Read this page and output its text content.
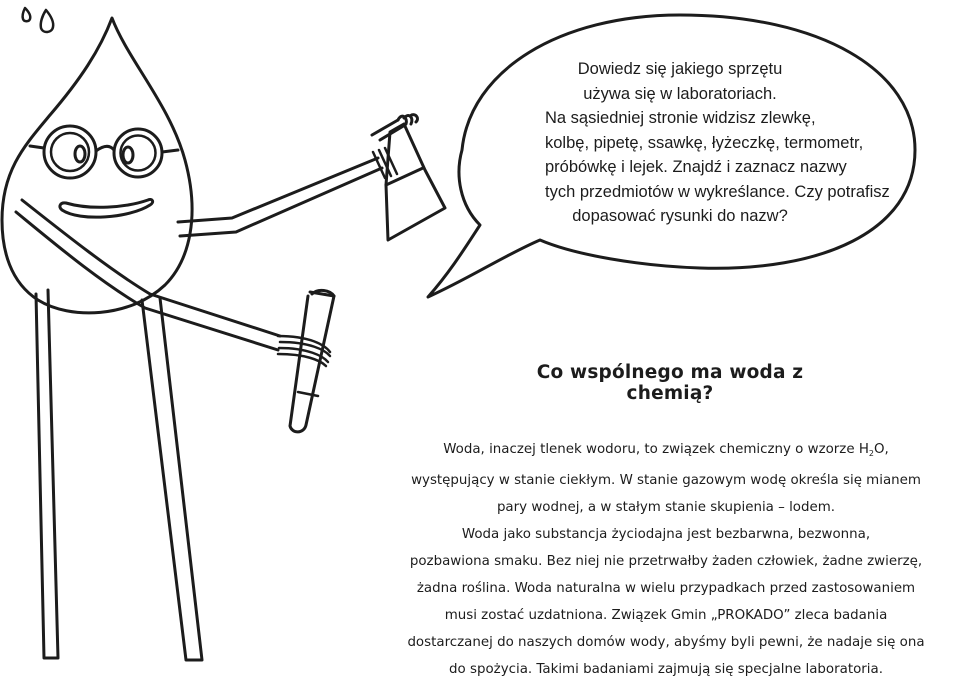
Dowiedz się jakiego sprzętu
używa się w laboratoriach.
Na sąsiedniej stronie widzisz zlewkę,
kolbę, pipetę, ssawkę, łyżeczkę, termometr,
próbówkę i lejek. Znajdź i zaznacz nazwy
tych przedmiotów w wykreślance. Czy potrafisz
dopasować rysunki do nazw?
Co wspólnego ma woda z chemią?
Woda, inaczej tlenek wodoru, to związek chemiczny o wzorze $H_2O$,
występujący w stanie ciekłym. W stanie gazowym wodę określa się mianem
pary wodnej, a w stałym stanie skupienia – lodem.
Woda jako substancja życiodajna jest bezbarwna, bezwonna,
pozbawiona smaku. Bez niej nie przetrwałby żaden człowiek, żadne zwierzę,
żadna roślina. Woda naturalna w wielu przypadkach przed zastosowaniem
musi zostać uzdatniona. Związek Gmin „PROKADO” zleca badania
dostarczanej do naszych domów wody, abyśmy byli pewni, że nadaje się ona
do spożycia. Takimi badaniami zajmują się specjalne laboratoria.
